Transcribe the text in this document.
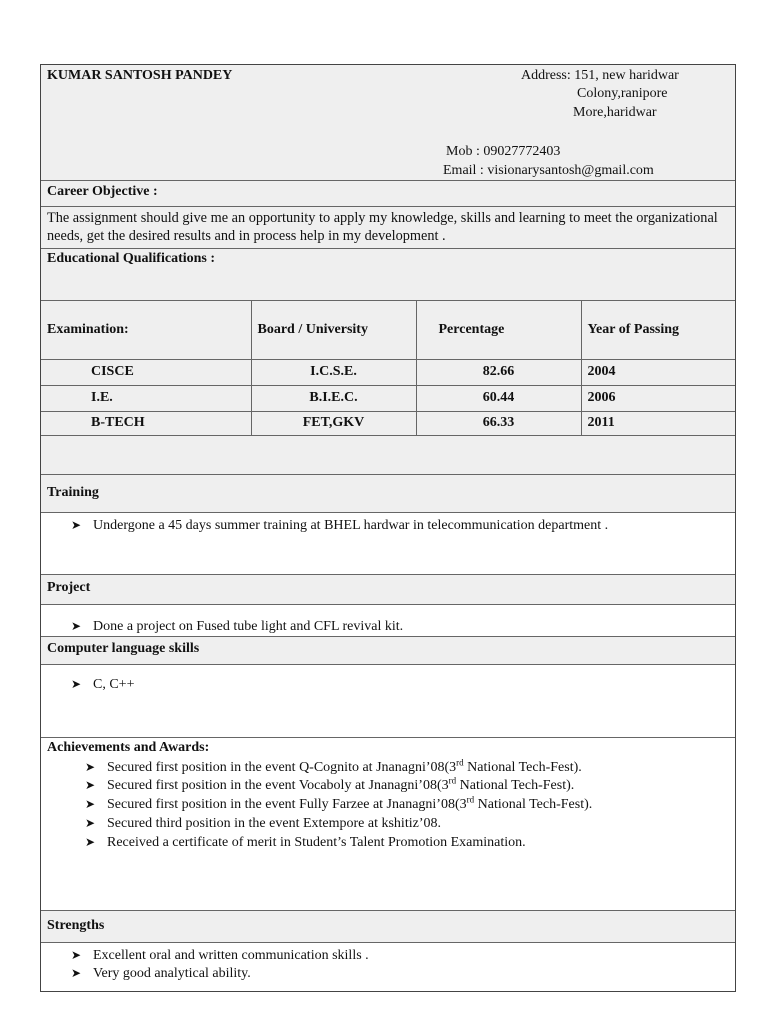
KUMAR SANTOSH PANDEY	Address: 151, new haridwar
Colony,ranipore
More,haridwar
Mob : 09027772403
Email : visionarysantosh@gmail.com
Career Objective :
The assignment should give me an opportunity to apply my knowledge, skills and learning to meet the organizational needs, get the desired results and in process help in my development .
Educational Qualifications :
Examination:	Board / University	Percentage	Year of Passing
CISCE	I.C.S.E.	82.66	2004
I.E.	B.I.E.C.	60.44	2006
B-TECH	FET,GKV	66.33	2011
Training
➤ Undergone a 45 days summer training at BHEL hardwar in telecommunication department .
Project
➤ Done a project on Fused tube light and CFL revival kit.
Computer language skills
➤ C, C++
Achievements and Awards:
➤ Secured first position in the event Q-Cognito at Jnanagni’08(3rd National Tech-Fest).
➤ Secured first position in the event Vocaboly at Jnanagni’08(3rd National Tech-Fest).
➤ Secured first position in the event Fully Farzee at Jnanagni’08(3rd National Tech-Fest).
➤ Secured third position in the event Extempore at kshitiz’08.
➤ Received a certificate of merit in Student’s Talent Promotion Examination.
Strengths
➤ Excellent oral and written communication skills .
➤ Very good analytical ability.
